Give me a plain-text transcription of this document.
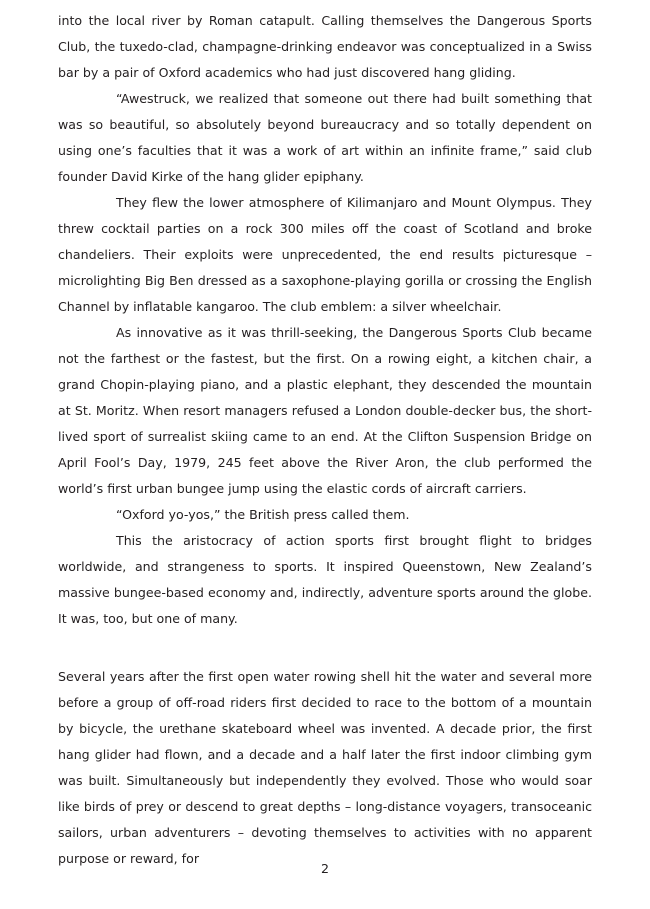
into the local river by Roman catapult. Calling themselves the Dangerous Sports Club, the tuxedo-clad, champagne-drinking endeavor was conceptualized in a Swiss bar by a pair of Oxford academics who had just discovered hang gliding.

“Awestruck, we realized that someone out there had built something that was so beautiful, so absolutely beyond bureaucracy and so totally dependent on using one’s faculties that it was a work of art within an infinite frame,” said club founder David Kirke of the hang glider epiphany.

They flew the lower atmosphere of Kilimanjaro and Mount Olympus. They threw cocktail parties on a rock 300 miles off the coast of Scotland and broke chandeliers. Their exploits were unprecedented, the end results picturesque – microlighting Big Ben dressed as a saxophone-playing gorilla or crossing the English Channel by inflatable kangaroo. The club emblem: a silver wheelchair.

As innovative as it was thrill-seeking, the Dangerous Sports Club became not the farthest or the fastest, but the first. On a rowing eight, a kitchen chair, a grand Chopin-playing piano, and a plastic elephant, they descended the mountain at St. Moritz. When resort managers refused a London double-decker bus, the short-lived sport of surrealist skiing came to an end. At the Clifton Suspension Bridge on April Fool’s Day, 1979, 245 feet above the River Aron, the club performed the world’s first urban bungee jump using the elastic cords of aircraft carriers.

“Oxford yo-yos,” the British press called them.

This the aristocracy of action sports first brought flight to bridges worldwide, and strangeness to sports. It inspired Queenstown, New Zealand’s massive bungee-based economy and, indirectly, adventure sports around the globe. It was, too, but one of many.

Several years after the first open water rowing shell hit the water and several more before a group of off-road riders first decided to race to the bottom of a mountain by bicycle, the urethane skateboard wheel was invented. A decade prior, the first hang glider had flown, and a decade and a half later the first indoor climbing gym was built. Simultaneously but independently they evolved. Those who would soar like birds of prey or descend to great depths – long-distance voyagers, transoceanic sailors, urban adventurers – devoting themselves to activities with no apparent purpose or reward, for

2
